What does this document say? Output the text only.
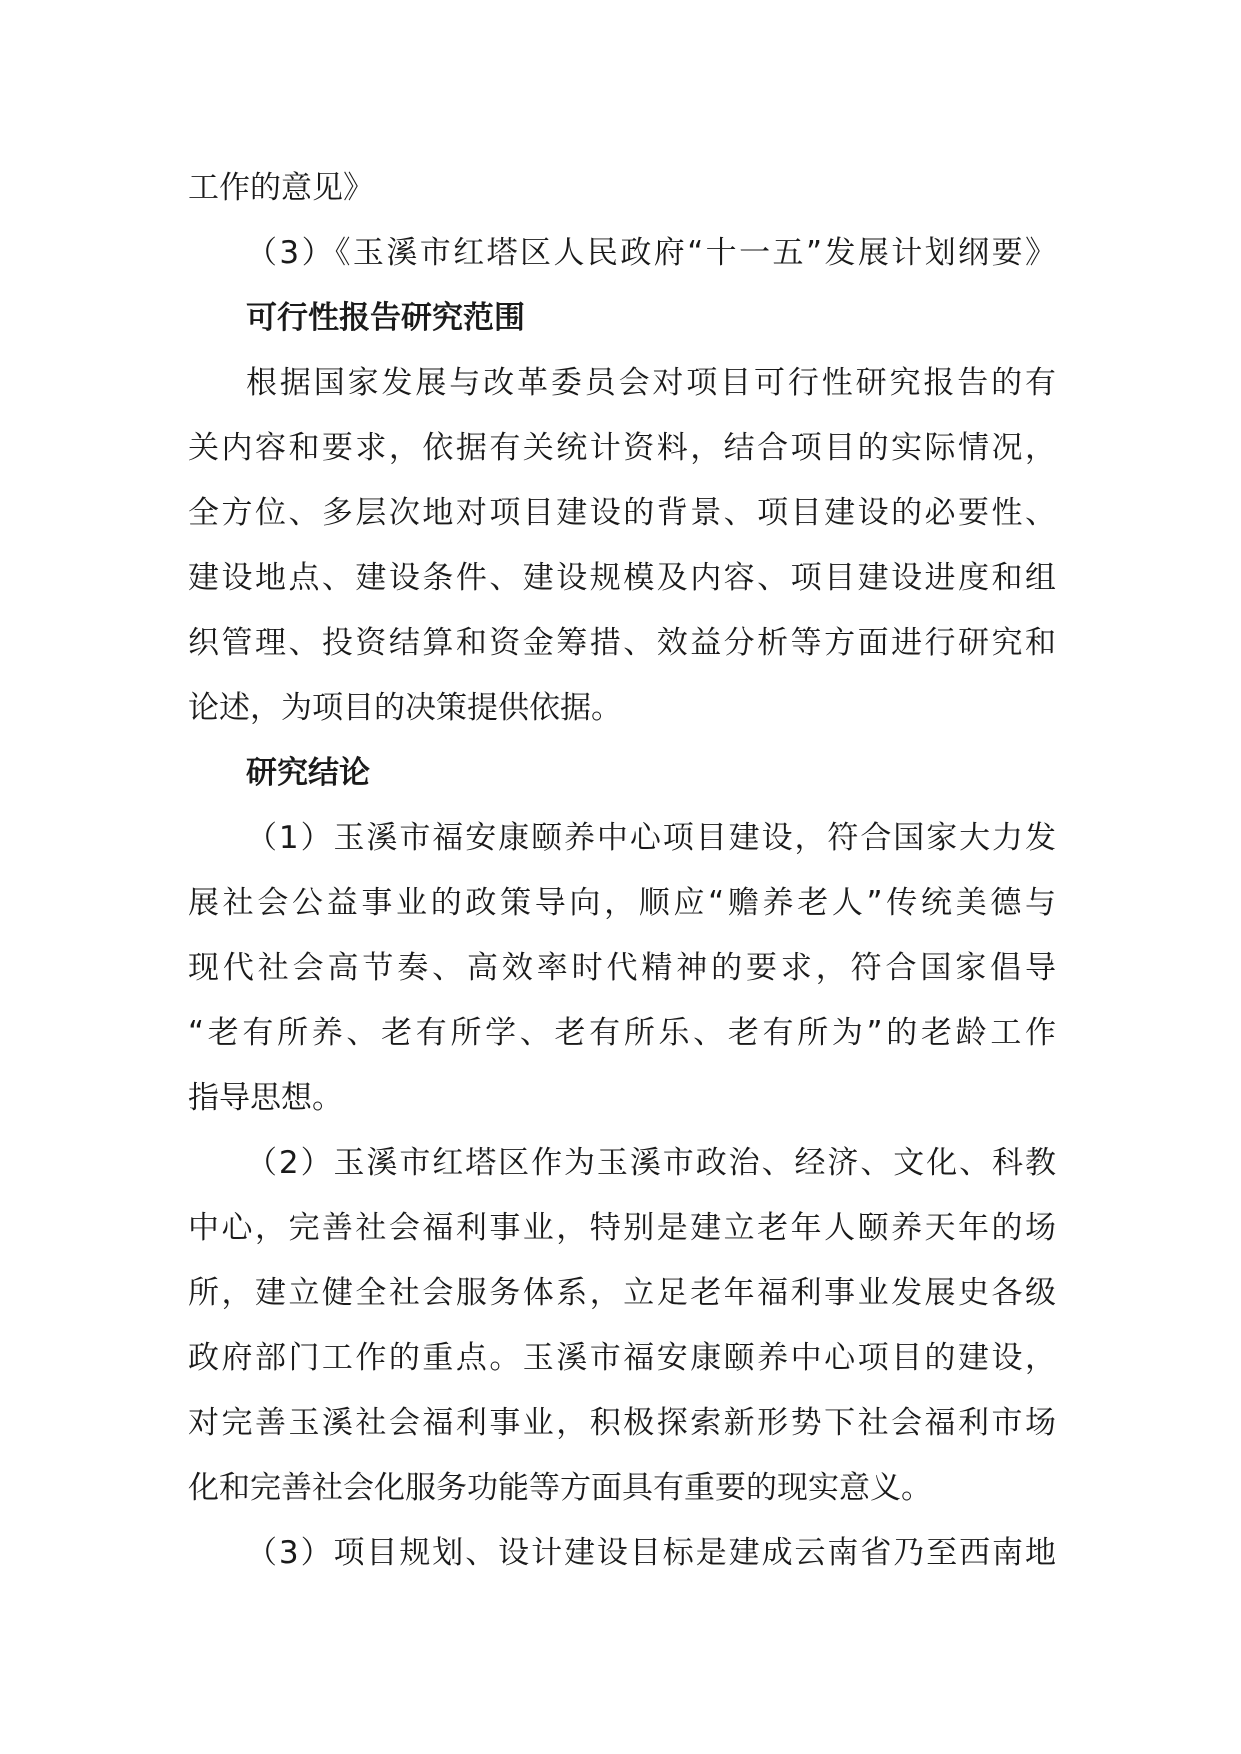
工作的意见》
（3）《玉溪市红塔区人民政府“十一五”发展计划纲要》
可行性报告研究范围
根据国家发展与改革委员会对项目可行性研究报告的有
关内容和要求，依据有关统计资料，结合项目的实际情况，
全方位、多层次地对项目建设的背景、项目建设的必要性、
建设地点、建设条件、建设规模及内容、项目建设进度和组
织管理、投资结算和资金筹措、效益分析等方面进行研究和
论述，为项目的决策提供依据。
研究结论
（1）玉溪市福安康颐养中心项目建设，符合国家大力发
展社会公益事业的政策导向，顺应“赡养老人”传统美德与
现代社会高节奏、高效率时代精神的要求，符合国家倡导
“老有所养、老有所学、老有所乐、老有所为”的老龄工作
指导思想。
（2）玉溪市红塔区作为玉溪市政治、经济、文化、科教
中心，完善社会福利事业，特别是建立老年人颐养天年的场
所，建立健全社会服务体系，立足老年福利事业发展史各级
政府部门工作的重点。玉溪市福安康颐养中心项目的建设，
对完善玉溪社会福利事业，积极探索新形势下社会福利市场
化和完善社会化服务功能等方面具有重要的现实意义。
（3）项目规划、设计建设目标是建成云南省乃至西南地
